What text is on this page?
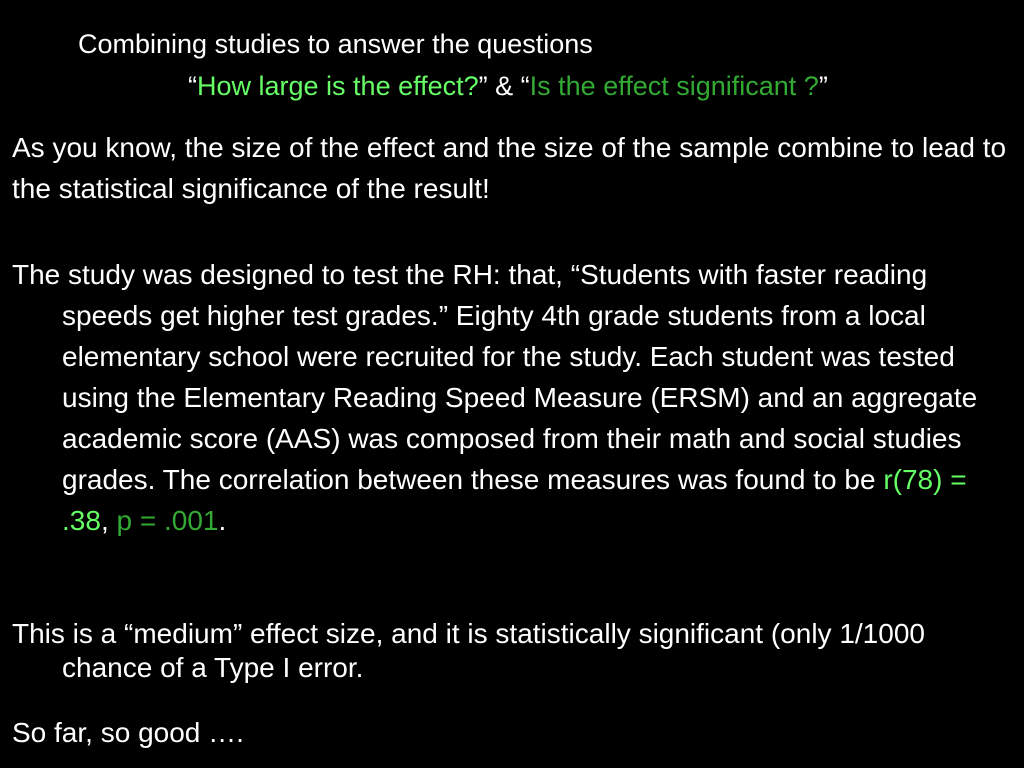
Combining studies to answer the questions
“How large is the effect?” & “Is the effect significant ?”
As you know, the size of the effect and the size of the sample combine to lead to the statistical significance of the result!
The study was designed to test the RH: that, “Students with faster reading speeds get higher test grades.” Eighty 4th grade students from a local elementary school were recruited for the study. Each student was tested using the Elementary Reading Speed Measure (ERSM) and an aggregate academic score (AAS) was composed from their math and social studies grades. The correlation between these measures was found to be r(78) = .38, p = .001.
This is a “medium” effect size, and it is statistically significant (only 1/1000 chance of a Type I error.
So far, so good ….
